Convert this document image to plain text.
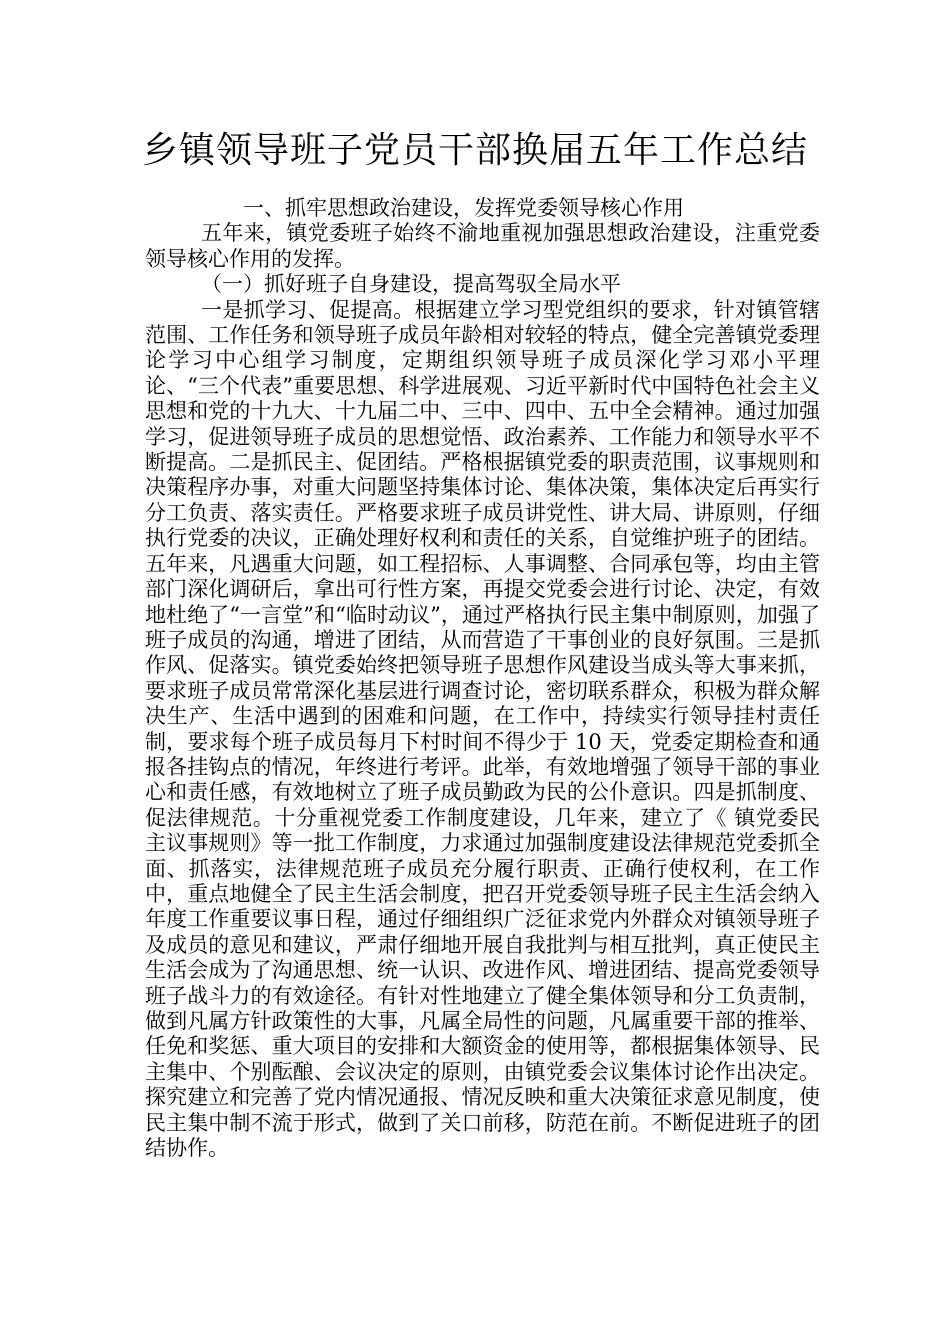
乡镇领导班子党员干部换届五年工作总结

一、抓牢思想政治建设，发挥党委领导核心作用

五年来，镇党委班子始终不渝地重视加强思想政治建设，注重党委领导核心作用的发挥。

（一）抓好班子自身建设，提高驾驭全局水平

一是抓学习、促提高。根据建立学习型党组织的要求，针对镇管辖范围、工作任务和领导班子成员年龄相对较轻的特点，健全完善镇党委理论学习中心组学习制度，定期组织领导班子成员深化学习邓小平理论、“三个代表”重要思想、科学进展观、习近平新时代中国特色社会主义思想和党的十九大、十九届二中、三中、四中、五中全会精神。通过加强学习，促进领导班子成员的思想觉悟、政治素养、工作能力和领导水平不断提高。二是抓民主、促团结。严格根据镇党委的职责范围，议事规则和决策程序办事，对重大问题坚持集体讨论、集体决策，集体决定后再实行分工负责、落实责任。严格要求班子成员讲党性、讲大局、讲原则，仔细执行党委的决议，正确处理好权利和责任的关系，自觉维护班子的团结。五年来，凡遇重大问题，如工程招标、人事调整、合同承包等，均由主管部门深化调研后，拿出可行性方案，再提交党委会进行讨论、决定，有效地杜绝了“一言堂”和“临时动议”，通过严格执行民主集中制原则，加强了班子成员的沟通，增进了团结，从而营造了干事创业的良好氛围。三是抓作风、促落实。镇党委始终把领导班子思想作风建设当成头等大事来抓，要求班子成员常常深化基层进行调查讨论，密切联系群众，积极为群众解决生产、生活中遇到的困难和问题，在工作中，持续实行领导挂村责任制，要求每个班子成员每月下村时间不得少于 10 天，党委定期检查和通报各挂钩点的情况，年终进行考评。此举，有效地增强了领导干部的事业心和责任感，有效地树立了班子成员勤政为民的公仆意识。四是抓制度、促法律规范。十分重视党委工作制度建设，几年来，建立了《 镇党委民主议事规则》等一批工作制度，力求通过加强制度建设法律规范党委抓全面、抓落实，法律规范班子成员充分履行职责、正确行使权利，在工作中，重点地健全了民主生活会制度，把召开党委领导班子民主生活会纳入年度工作重要议事日程，通过仔细组织广泛征求党内外群众对镇领导班子及成员的意见和建议，严肃仔细地开展自我批判与相互批判，真正使民主生活会成为了沟通思想、统一认识、改进作风、增进团结、提高党委领导班子战斗力的有效途径。有针对性地建立了健全集体领导和分工负责制，做到凡属方针政策性的大事，凡属全局性的问题，凡属重要干部的推举、任免和奖惩、重大项目的安排和大额资金的使用等，都根据集体领导、民主集中、个别酝酿、会议决定的原则，由镇党委会议集体讨论作出决定。探究建立和完善了党内情况通报、情况反映和重大决策征求意见制度，使民主集中制不流于形式，做到了关口前移，防范在前。不断促进班子的团结协作。
